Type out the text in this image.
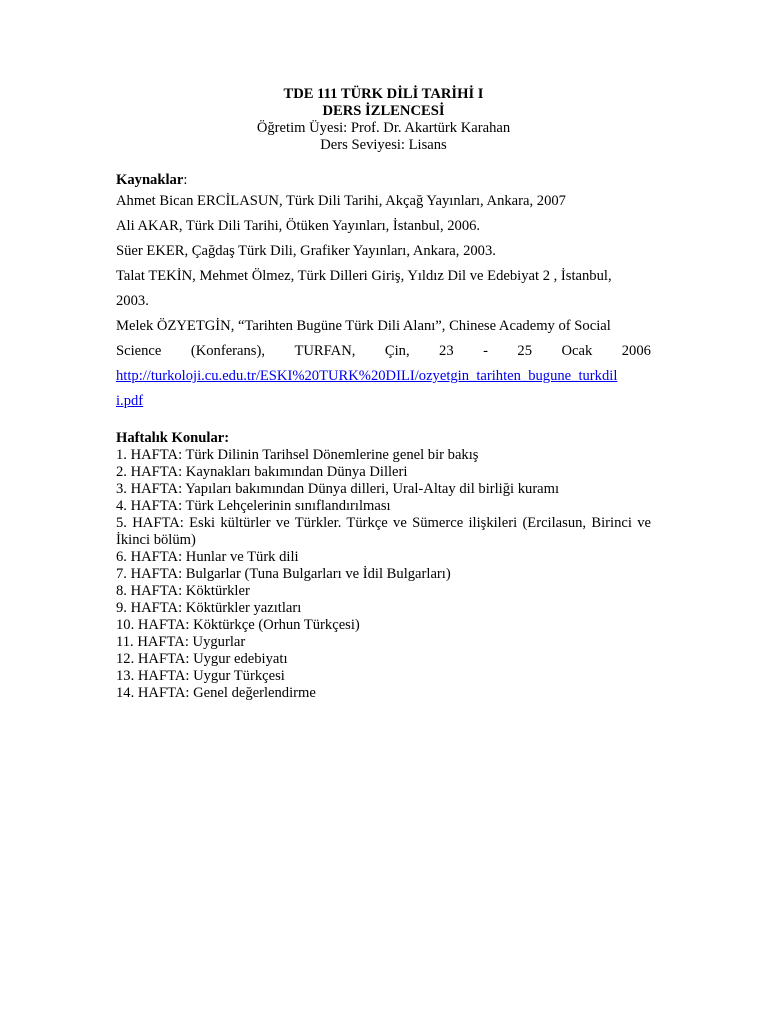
TDE 111 TÜRK DİLİ TARİHİ I
DERS İZLENCESİ
Öğretim Üyesi: Prof. Dr. Akartürk Karahan
Ders Seviyesi: Lisans
Kaynaklar:

Ahmet Bican ERCİLASUN, Türk Dili Tarihi, Akçağ Yayınları, Ankara, 2007

Ali AKAR, Türk Dili Tarihi, Ötüken Yayınları, İstanbul, 2006.

Süer EKER, Çağdaş Türk Dili, Grafiker Yayınları, Ankara, 2003.

Talat TEKİN, Mehmet Ölmez, Türk Dilleri Giriş, Yıldız Dil ve Edebiyat 2 , İstanbul,

2003.

Melek ÖZYETGİN, “Tarihten Bugüne Türk Dili Alanı”, Chinese Academy of Social

Science (Konferans), TURFAN, Çin, 23 - 25 Ocak 2006
http://turkoloji.cu.edu.tr/ESKI%20TURK%20DILI/ozyetgin_tarihten_bugune_turkdil
i.pdf
Haftalık Konular:
1. HAFTA: Türk Dilinin Tarihsel Dönemlerine genel bir bakış
2. HAFTA: Kaynakları bakımından Dünya Dilleri
3. HAFTA: Yapıları bakımından Dünya dilleri, Ural-Altay dil birliği kuramı
4. HAFTA: Türk Lehçelerinin sınıflandırılması
5. HAFTA: Eski kültürler ve Türkler. Türkçe ve Sümerce ilişkileri (Ercilasun, Birinci ve İkinci bölüm)
6. HAFTA: Hunlar ve Türk dili
7. HAFTA: Bulgarlar (Tuna Bulgarları ve İdil Bulgarları)
8. HAFTA: Köktürkler
9. HAFTA: Köktürkler yazıtları
10. HAFTA: Köktürkçe (Orhun Türkçesi)
11. HAFTA: Uygurlar
12. HAFTA: Uygur edebiyatı
13. HAFTA: Uygur Türkçesi
14. HAFTA: Genel değerlendirme
